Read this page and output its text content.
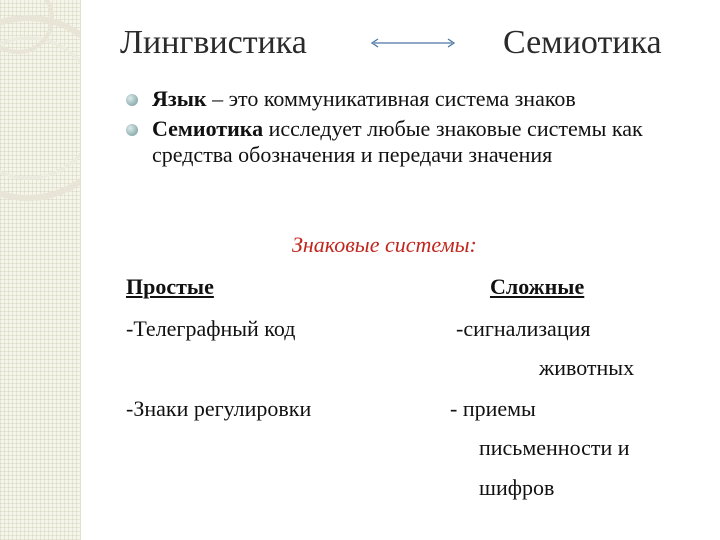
Лингвистика	Семиотика
Язык – это коммуникативная система знаков
Семиотика исследует любые знаковые системы как средства обозначения и передачи значения
Знаковые системы:
Простые
-Телеграфный код
-Знаки регулировки
Сложные
-сигнализация
животных
- приемы
письменности и
шифров
